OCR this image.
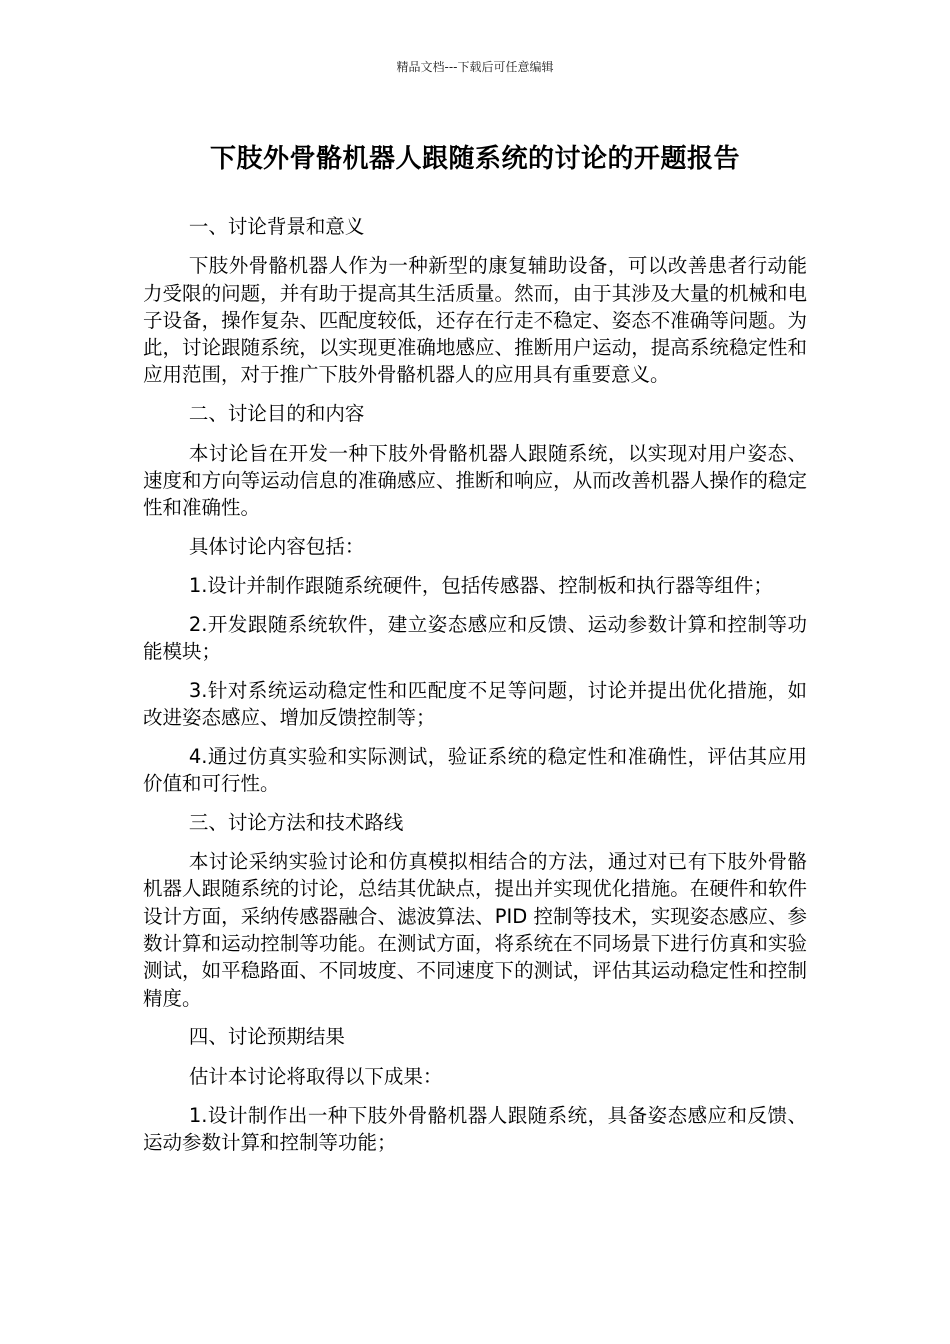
精品文档---下载后可任意编辑
下肢外骨骼机器人跟随系统的讨论的开题报告

一、讨论背景和意义

下肢外骨骼机器人作为一种新型的康复辅助设备，可以改善患者行动能力受限的问题，并有助于提高其生活质量。然而，由于其涉及大量的机械和电子设备，操作复杂、匹配度较低，还存在行走不稳定、姿态不准确等问题。为此，讨论跟随系统，以实现更准确地感应、推断用户运动，提高系统稳定性和应用范围，对于推广下肢外骨骼机器人的应用具有重要意义。

二、讨论目的和内容

本讨论旨在开发一种下肢外骨骼机器人跟随系统，以实现对用户姿态、速度和方向等运动信息的准确感应、推断和响应，从而改善机器人操作的稳定性和准确性。

具体讨论内容包括：

1.设计并制作跟随系统硬件，包括传感器、控制板和执行器等组件；

2.开发跟随系统软件，建立姿态感应和反馈、运动参数计算和控制等功能模块；

3.针对系统运动稳定性和匹配度不足等问题，讨论并提出优化措施，如改进姿态感应、增加反馈控制等；

4.通过仿真实验和实际测试，验证系统的稳定性和准确性，评估其应用价值和可行性。

三、讨论方法和技术路线

本讨论采纳实验讨论和仿真模拟相结合的方法，通过对已有下肢外骨骼机器人跟随系统的讨论，总结其优缺点，提出并实现优化措施。在硬件和软件设计方面，采纳传感器融合、滤波算法、PID 控制等技术，实现姿态感应、参数计算和运动控制等功能。在测试方面，将系统在不同场景下进行仿真和实验测试，如平稳路面、不同坡度、不同速度下的测试，评估其运动稳定性和控制精度。

四、讨论预期结果

估计本讨论将取得以下成果：

1.设计制作出一种下肢外骨骼机器人跟随系统，具备姿态感应和反馈、运动参数计算和控制等功能；
